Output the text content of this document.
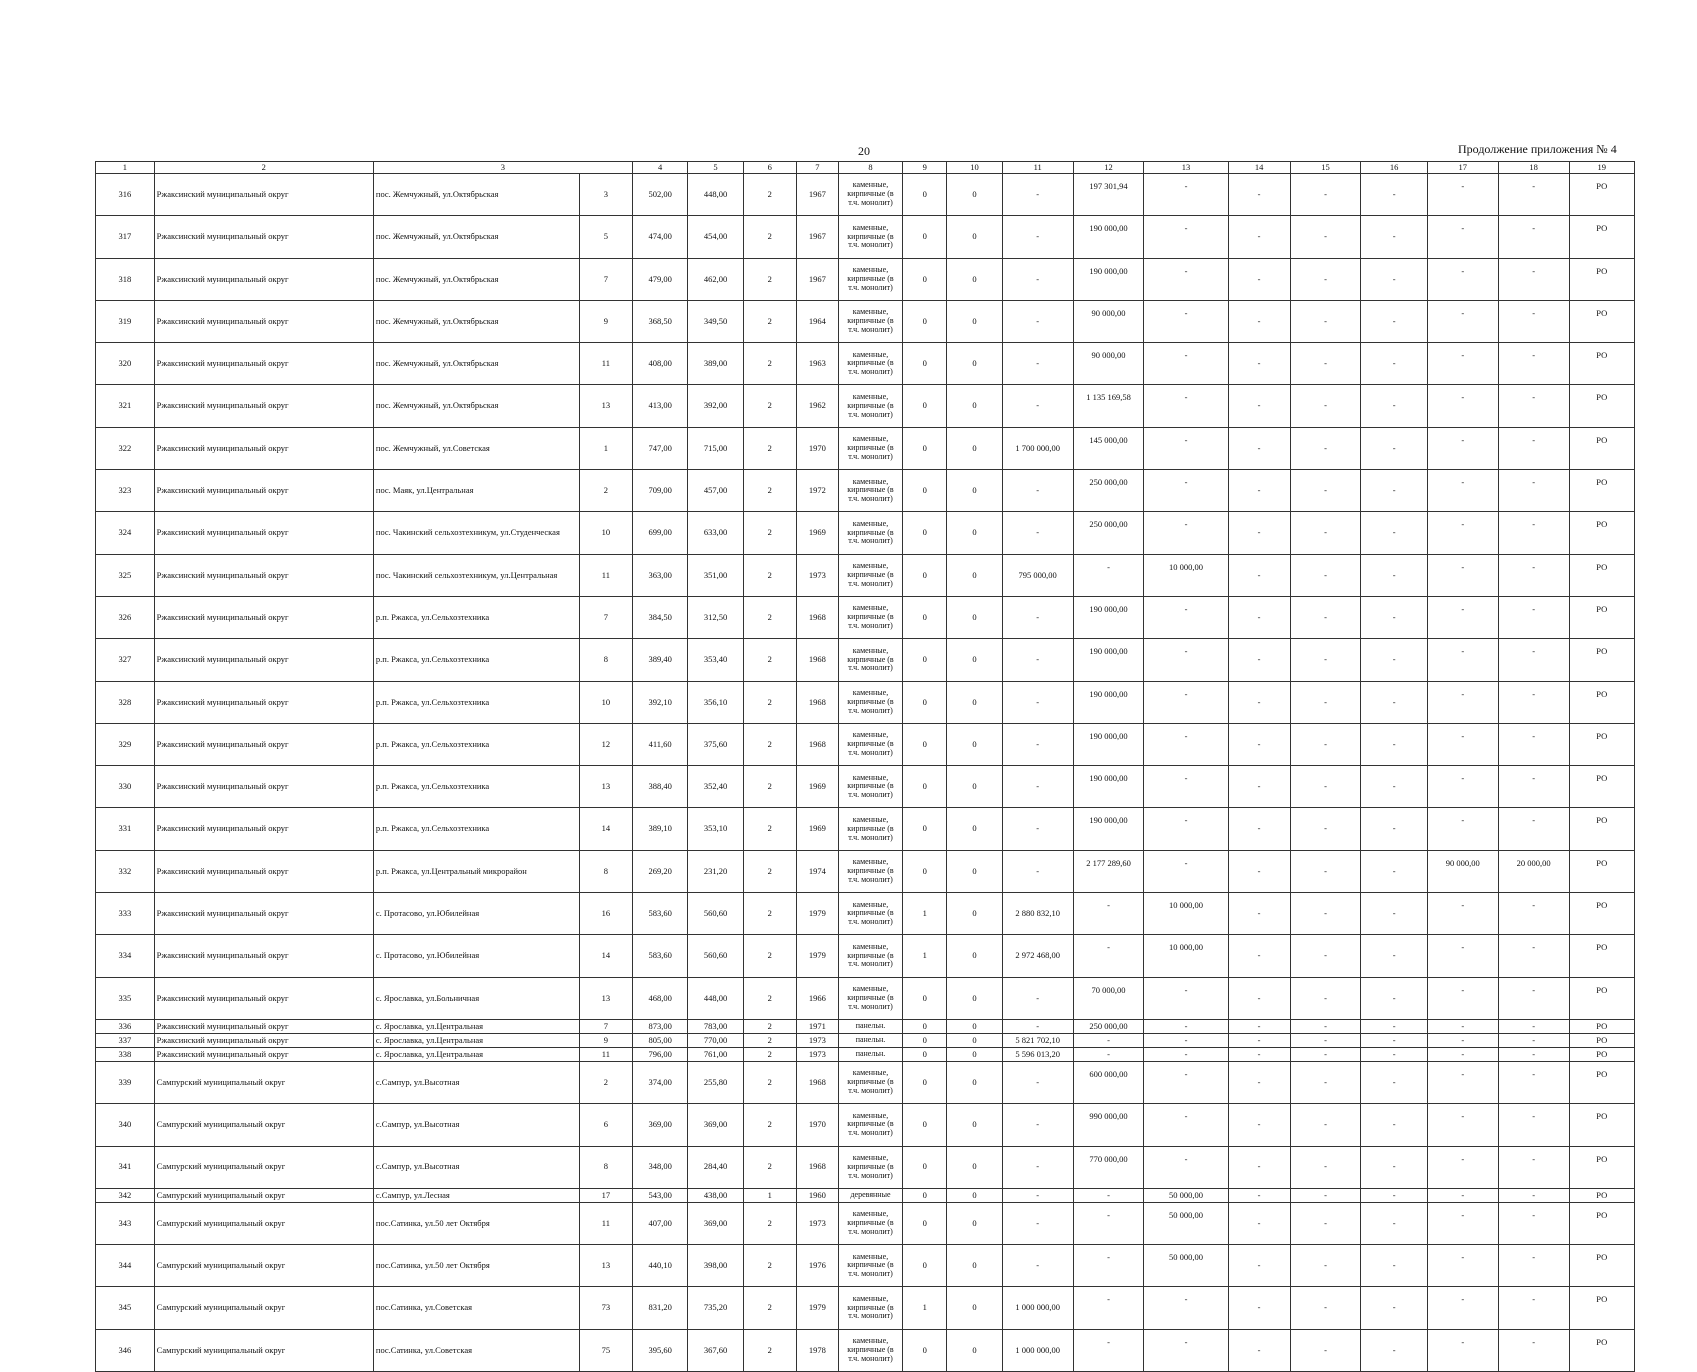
20	Продолжение приложения № 4
1	2	3		4	5	6	7	8	9	10	11	12	13	14	15	16	17	18	19
316	Ржаксинский муниципальный округ	пос. Жемчужный, ул.Октябрьская	3	502,00	448,00	2	1967	каменные, кирпичные (в т.ч. монолит)	0	0	-	197 301,94	-	-	-	-	-	-	РО
317	Ржаксинский муниципальный округ	пос. Жемчужный, ул.Октябрьская	5	474,00	454,00	2	1967	каменные, кирпичные (в т.ч. монолит)	0	0	-	190 000,00	-	-	-	-	-	-	РО
318	Ржаксинский муниципальный округ	пос. Жемчужный, ул.Октябрьская	7	479,00	462,00	2	1967	каменные, кирпичные (в т.ч. монолит)	0	0	-	190 000,00	-	-	-	-	-	-	РО
319	Ржаксинский муниципальный округ	пос. Жемчужный, ул.Октябрьская	9	368,50	349,50	2	1964	каменные, кирпичные (в т.ч. монолит)	0	0	-	90 000,00	-	-	-	-	-	-	РО
320	Ржаксинский муниципальный округ	пос. Жемчужный, ул.Октябрьская	11	408,00	389,00	2	1963	каменные, кирпичные (в т.ч. монолит)	0	0	-	90 000,00	-	-	-	-	-	-	РО
321	Ржаксинский муниципальный округ	пос. Жемчужный, ул.Октябрьская	13	413,00	392,00	2	1962	каменные, кирпичные (в т.ч. монолит)	0	0	-	1 135 169,58	-	-	-	-	-	-	РО
322	Ржаксинский муниципальный округ	пос. Жемчужный, ул.Советская	1	747,00	715,00	2	1970	каменные, кирпичные (в т.ч. монолит)	0	0	1 700 000,00	145 000,00	-	-	-	-	-	-	РО
323	Ржаксинский муниципальный округ	пос. Маяк, ул.Центральная	2	709,00	457,00	2	1972	каменные, кирпичные (в т.ч. монолит)	0	0	-	250 000,00	-	-	-	-	-	-	РО
324	Ржаксинский муниципальный округ	пос. Чакинский сельхозтехникум, ул.Студенческая	10	699,00	633,00	2	1969	каменные, кирпичные (в т.ч. монолит)	0	0	-	250 000,00	-	-	-	-	-	-	РО
325	Ржаксинский муниципальный округ	пос. Чакинский сельхозтехникум, ул.Центральная	11	363,00	351,00	2	1973	каменные, кирпичные (в т.ч. монолит)	0	0	795 000,00	-	10 000,00	-	-	-	-	-	РО
326	Ржаксинский муниципальный округ	р.п. Ржакса, ул.Сельхозтехника	7	384,50	312,50	2	1968	каменные, кирпичные (в т.ч. монолит)	0	0	-	190 000,00	-	-	-	-	-	-	РО
327	Ржаксинский муниципальный округ	р.п. Ржакса, ул.Сельхозтехника	8	389,40	353,40	2	1968	каменные, кирпичные (в т.ч. монолит)	0	0	-	190 000,00	-	-	-	-	-	-	РО
328	Ржаксинский муниципальный округ	р.п. Ржакса, ул.Сельхозтехника	10	392,10	356,10	2	1968	каменные, кирпичные (в т.ч. монолит)	0	0	-	190 000,00	-	-	-	-	-	-	РО
329	Ржаксинский муниципальный округ	р.п. Ржакса, ул.Сельхозтехника	12	411,60	375,60	2	1968	каменные, кирпичные (в т.ч. монолит)	0	0	-	190 000,00	-	-	-	-	-	-	РО
330	Ржаксинский муниципальный округ	р.п. Ржакса, ул.Сельхозтехника	13	388,40	352,40	2	1969	каменные, кирпичные (в т.ч. монолит)	0	0	-	190 000,00	-	-	-	-	-	-	РО
331	Ржаксинский муниципальный округ	р.п. Ржакса, ул.Сельхозтехника	14	389,10	353,10	2	1969	каменные, кирпичные (в т.ч. монолит)	0	0	-	190 000,00	-	-	-	-	-	-	РО
332	Ржаксинский муниципальный округ	р.п. Ржакса, ул.Центральный микрорайон	8	269,20	231,20	2	1974	каменные, кирпичные (в т.ч. монолит)	0	0	-	2 177 289,60	-	-	-	-	90 000,00	20 000,00	РО
333	Ржаксинский муниципальный округ	с. Протасово, ул.Юбилейная	16	583,60	560,60	2	1979	каменные, кирпичные (в т.ч. монолит)	1	0	2 880 832,10	-	10 000,00	-	-	-	-	-	РО
334	Ржаксинский муниципальный округ	с. Протасово, ул.Юбилейная	14	583,60	560,60	2	1979	каменные, кирпичные (в т.ч. монолит)	1	0	2 972 468,00	-	10 000,00	-	-	-	-	-	РО
335	Ржаксинский муниципальный округ	с. Ярославка, ул.Больничная	13	468,00	448,00	2	1966	каменные, кирпичные (в т.ч. монолит)	0	0	-	70 000,00	-	-	-	-	-	-	РО
336	Ржаксинский муниципальный округ	с. Ярославка, ул.Центральная	7	873,00	783,00	2	1971	панельн.	0	0	-	250 000,00	-	-	-	-	-	-	РО
337	Ржаксинский муниципальный округ	с. Ярославка, ул.Центральная	9	805,00	770,00	2	1973	панельн.	0	0	5 821 702,10	-	-	-	-	-	-	-	РО
338	Ржаксинский муниципальный округ	с. Ярославка, ул.Центральная	11	796,00	761,00	2	1973	панельн.	0	0	5 596 013,20	-	-	-	-	-	-	-	РО
339	Сампурский муниципальный округ	с.Сампур, ул.Высотная	2	374,00	255,80	2	1968	каменные, кирпичные (в т.ч. монолит)	0	0	-	600 000,00	-	-	-	-	-	-	РО
340	Сампурский муниципальный округ	с.Сампур, ул.Высотная	6	369,00	369,00	2	1970	каменные, кирпичные (в т.ч. монолит)	0	0	-	990 000,00	-	-	-	-	-	-	РО
341	Сампурский муниципальный округ	с.Сампур, ул.Высотная	8	348,00	284,40	2	1968	каменные, кирпичные (в т.ч. монолит)	0	0	-	770 000,00	-	-	-	-	-	-	РО
342	Сампурский муниципальный округ	с.Сампур, ул.Лесная	17	543,00	438,00	1	1960	деревянные	0	0	-	-	50 000,00	-	-	-	-	-	РО
343	Сампурский муниципальный округ	пос.Сатинка, ул.50 лет Октября	11	407,00	369,00	2	1973	каменные, кирпичные (в т.ч. монолит)	0	0	-	-	50 000,00	-	-	-	-	-	РО
344	Сампурский муниципальный округ	пос.Сатинка, ул.50 лет Октября	13	440,10	398,00	2	1976	каменные, кирпичные (в т.ч. монолит)	0	0	-	-	50 000,00	-	-	-	-	-	РО
345	Сампурский муниципальный округ	пос.Сатинка, ул.Советская	73	831,20	735,20	2	1979	каменные, кирпичные (в т.ч. монолит)	1	0	1 000 000,00	-	-	-	-	-	-	-	РО
346	Сампурский муниципальный округ	пос.Сатинка, ул.Советская	75	395,60	367,60	2	1978	каменные, кирпичные (в т.ч. монолит)	0	0	1 000 000,00	-	-	-	-	-	-	-	РО
